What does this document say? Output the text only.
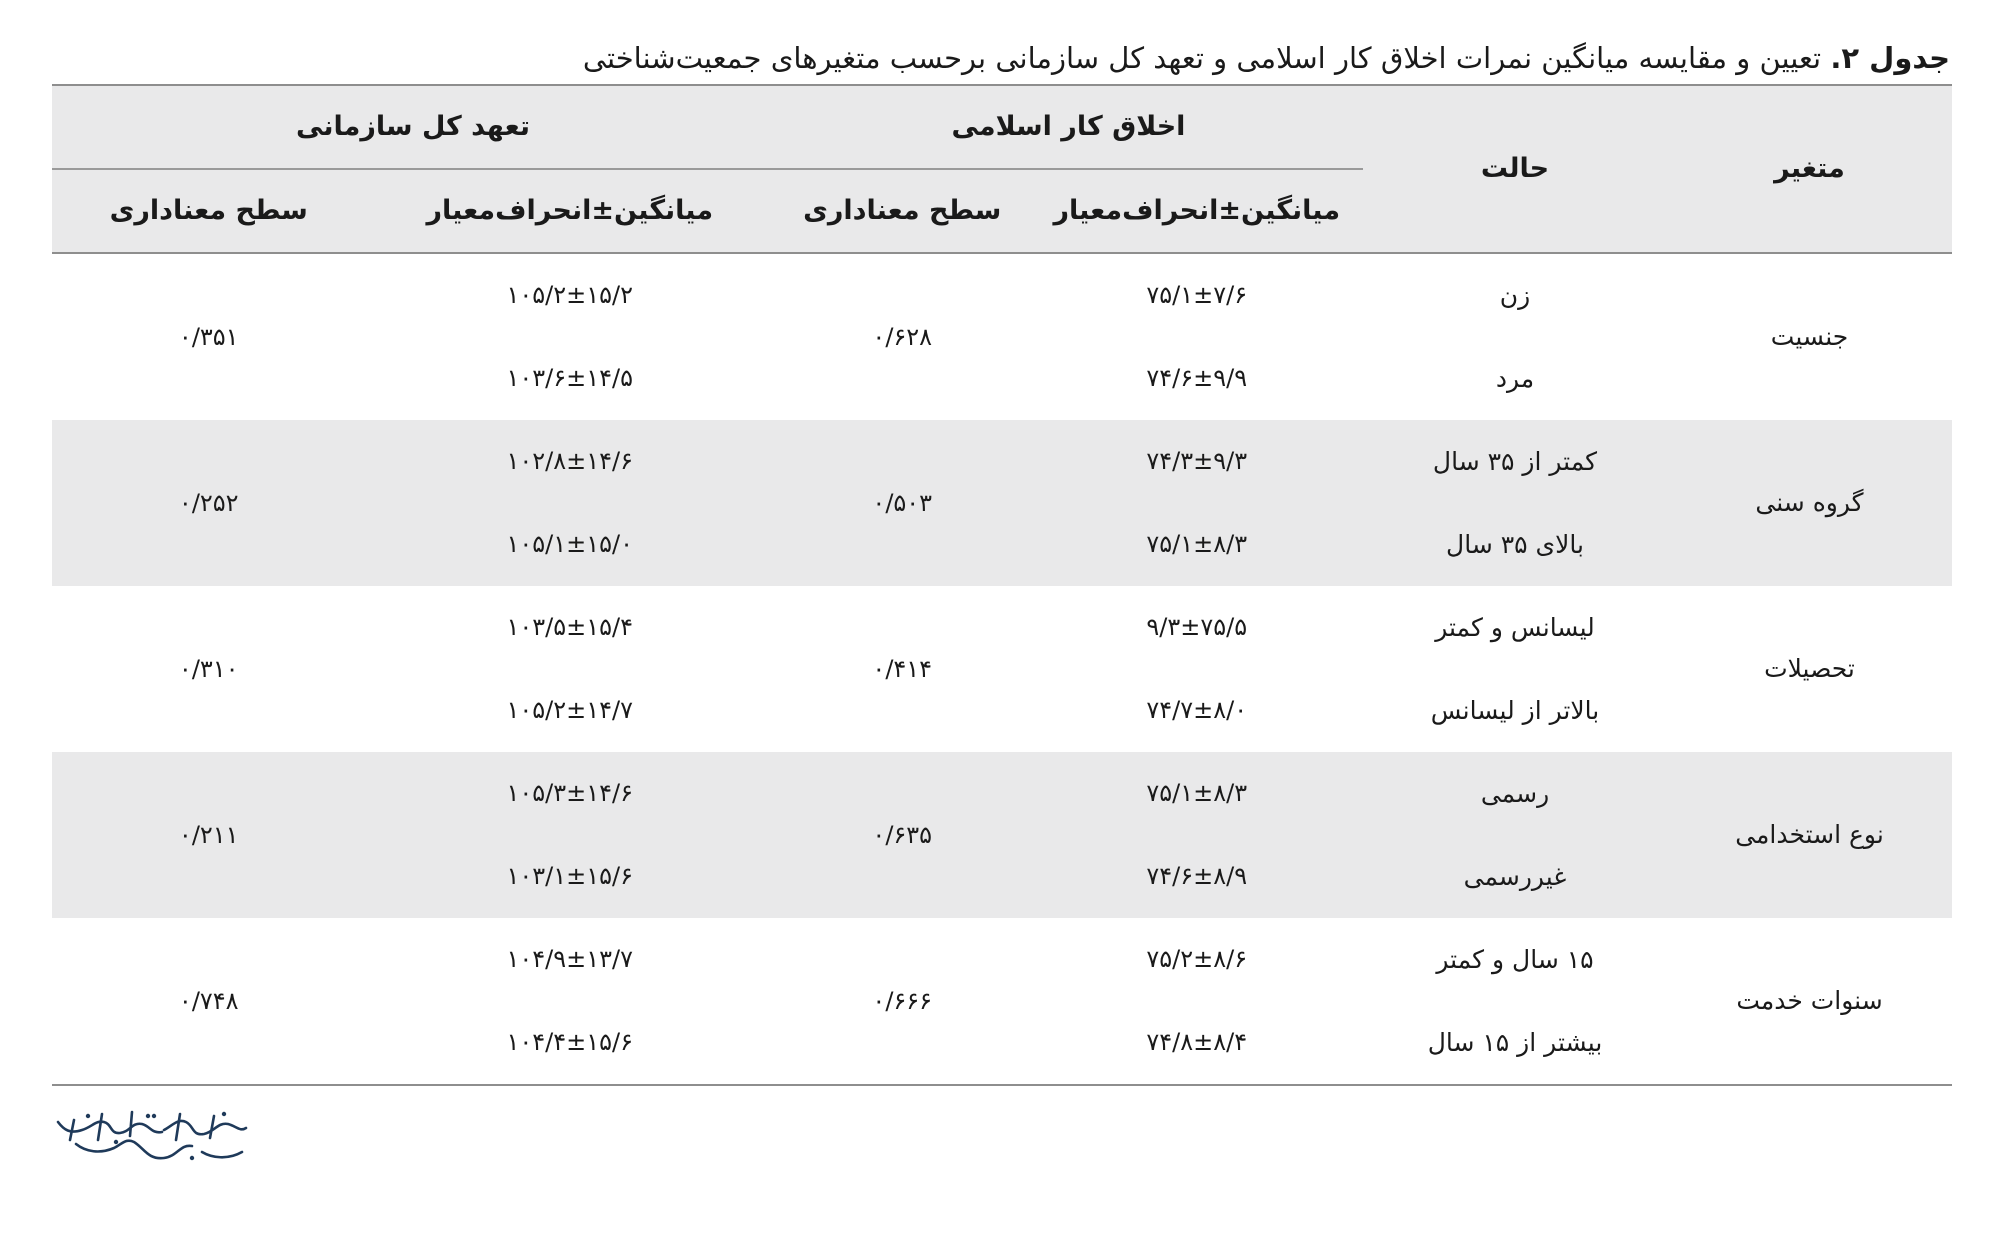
جدول ۲. تعیین و مقایسه میانگین نمرات اخلاق کار اسلامی و تعهد کل سازمانی برحسب متغیرهای جمعیت‌شناختی
متغیر	حالت	اخلاق کار اسلامی		تعهد کل سازمانی	
		میانگین±انحراف‌معیار	سطح معناداری	میانگین±انحراف‌معیار	سطح معناداری
جنسیت	زن	۷۵/۱±۷/۶	۰/۶۲۸	۱۰۵/۲±۱۵/۲	۰/۳۵۱
	مرد	۷۴/۶±۹/۹		۱۰۳/۶±۱۴/۵	
گروه سنی	کمتر از ۳۵ سال	۷۴/۳±۹/۳	۰/۵۰۳	۱۰۲/۸±۱۴/۶	۰/۲۵۲
	بالای ۳۵ سال	۷۵/۱±۸/۳		۱۰۵/۱±۱۵/۰	
تحصیلات	لیسانس و کمتر	۹/۳±۷۵/۵	۰/۴۱۴	۱۰۳/۵±۱۵/۴	۰/۳۱۰
	بالاتر از لیسانس	۷۴/۷±۸/۰		۱۰۵/۲±۱۴/۷	
نوع استخدامی	رسمی	۷۵/۱±۸/۳	۰/۶۳۵	۱۰۵/۳±۱۴/۶	۰/۲۱۱
	غیررسمی	۷۴/۶±۸/۹		۱۰۳/۱±۱۵/۶	
سنوات خدمت	۱۵ سال و کمتر	۷۵/۲±۸/۶	۰/۶۶۶	۱۰۴/۹±۱۳/۷	۰/۷۴۸
	بیشتر از ۱۵ سال	۷۴/۸±۸/۴		۱۰۴/۴±۱۵/۶	
